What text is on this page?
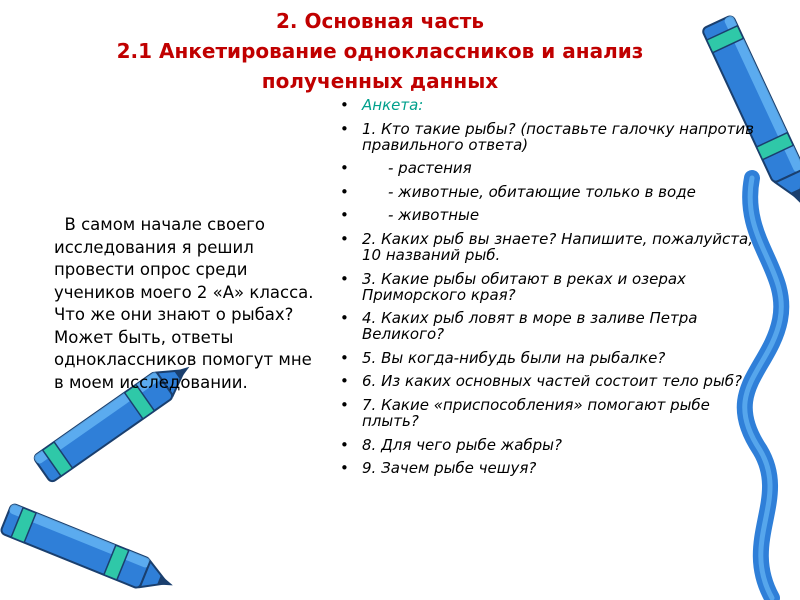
2. Основная часть
2.1 Анкетирование одноклассников и анализ
полученных данных
В самом начале своего исследования я решил провести опрос среди учеников моего 2 «А» класса. Что же они знают о рыбах? Может быть, ответы одноклассников помогут мне в моем исследовании.
• Анкета:
• 1. Кто такие рыбы? (поставьте галочку напротив правильного ответа)
• - растения
• - животные, обитающие только в воде
• - животные
• 2. Каких рыб вы знаете? Напишите, пожалуйста, 10 названий рыб.
• 3. Какие рыбы обитают в реках и озерах Приморского края?
• 4. Каких рыб ловят в море в заливе Петра Великого?
• 5. Вы когда-нибудь были на рыбалке?
• 6. Из каких основных частей состоит тело рыб?
• 7. Какие «приспособления» помогают рыбе плыть?
• 8. Для чего рыбе жабры?
• 9. Зачем рыбе чешуя?
